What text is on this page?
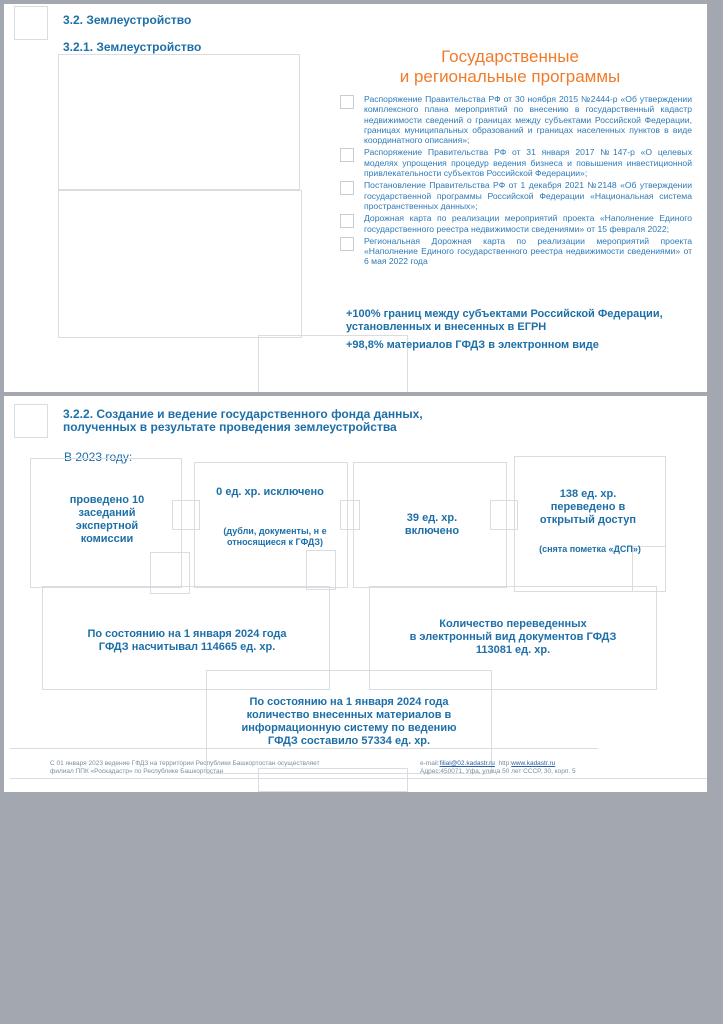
3.2. Землеустройство
3.2.1. Землеустройство	Государственные
и региональные программы
Распоряжение Правительства РФ от 30 ноября 2015 №2444-р «Об утверждении комплексного плана мероприятий по внесению в государственный кадастр недвижимости сведений о границах между субъектами Российской Федерации, границах муниципальных образований и границах населенных пунктов в виде координатного описания»;
Распоряжение Правительства РФ от 31 января 2017 №147-р «О целевых моделях упрощения процедур ведения бизнеса и повышения инвестиционной привлекательности субъектов Российской Федерации»;
Постановление Правительства РФ от 1 декабря 2021 №2148 «Об утверждении государственной программы Российской Федерации «Национальная система пространственных данных»;
Дорожная карта по реализации мероприятий проекта «Наполнение Единого государственного реестра недвижимости сведениями» от 15 февраля 2022;
Региональная Дорожная карта по реализации мероприятий проекта «Наполнение Единого государственного реестра недвижимости сведениями» от 6 мая 2022 года
+100% границ между субъектами Российской Федерации, установленных и внесенных в ЕГРН
+98,8% материалов ГФДЗ в электронном виде
3.2.2. Создание и ведение государственного фонда данных, полученных в результате проведения землеустройства
В 2023 году:
проведено 10 заседаний экспертной комиссии
0 ед. хр. исключено
(дубли, документы, н е относящиеся к ГФДЗ)
39 ед. хр. включено
138 ед. хр. переведено в открытый доступ
(снята пометка «ДСП»)
По состоянию на 1 января 2024 года
ГФДЗ насчитывал 114665 ед. хр.
Количество переведенных
в электронный вид документов ГФДЗ
113081 ед. хр.
По состоянию на 1 января 2024 года количество внесенных материалов в информационную систему по ведению ГФДЗ составило 57334 ед. хр.
С 01 января 2023 ведение ГФДЗ на территории Республики Башкортостан осуществляет
филиал ППК «Роскадастр» по Республике Башкортостан
e-mail:filial@02.kadastr.ru http:www.kadastr.ru
Адрес:450071, Уфа, улица 50 лет СССР, 30, корп. 5
